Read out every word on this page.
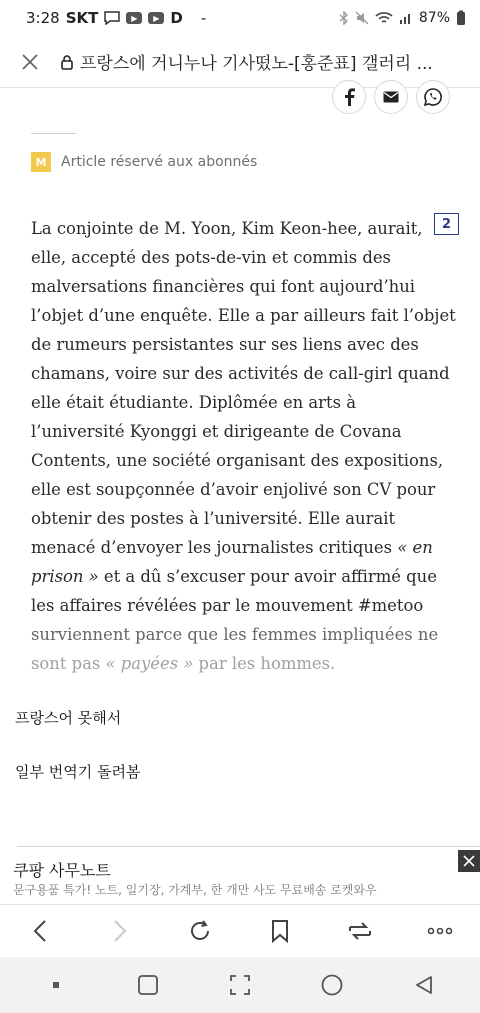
3:28 SKT	▶	▶ D -	87%
프랑스에 거니누나 기사떴노-[홍준표] 갤러리 ...
M	Article réservé aux abonnés
2
La conjointe de M. Yoon, Kim Keon-hee, aurait,
elle, accepté des pots-de-vin et commis des
malversations financières qui font aujourd’hui
l’objet d’une enquête. Elle a par ailleurs fait l’objet
de rumeurs persistantes sur ses liens avec des
chamans, voire sur des activités de call-girl quand
elle était étudiante. Diplômée en arts à
l’université Kyonggi et dirigeante de Covana
Contents, une société organisant des expositions,
elle est soupçonnée d’avoir enjolivé son CV pour
obtenir des postes à l’université. Elle aurait
menacé d’envoyer les journalistes critiques « en
prison » et a dû s’excuser pour avoir affirmé que
les affaires révélées par le mouvement #metoo
surviennent parce que les femmes impliquées ne
sont pas « payées » par les hommes.
프랑스어 못해서
일부 번역기 돌려봄
쿠팡 사무노트
문구용품 특가! 노트, 일기장, 가계부, 한 개만 사도 무료배송 로켓와우
